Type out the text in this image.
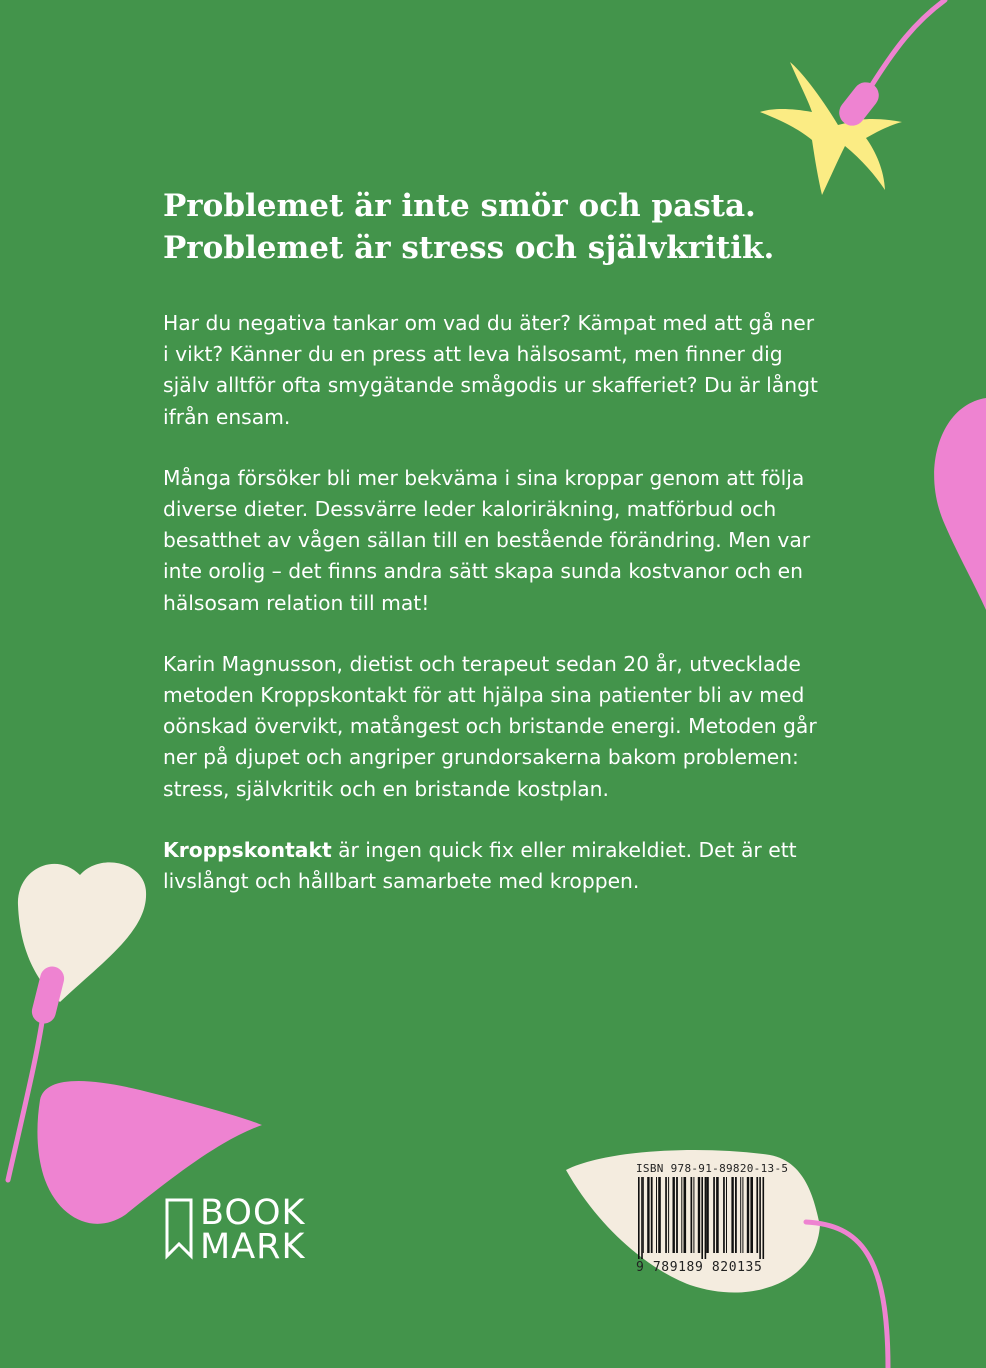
Problemet är inte smör och pasta.
Problemet är stress och självkritik.

Har du negativa tankar om vad du äter? Kämpat med att gå ner i vikt? Känner du en press att leva hälsosamt, men finner dig själv alltför ofta smygätande smågodis ur skafferiet? Du är långt ifrån ensam.

Många försöker bli mer bekväma i sina kroppar genom att följa diverse dieter. Dessvärre leder kaloriräkning, matförbud och besatthet av vågen sällan till en bestående förändring. Men var inte orolig – det finns andra sätt skapa sunda kostvanor och en hälsosam relation till mat!

Karin Magnusson, dietist och terapeut sedan 20 år, utvecklade metoden Kroppskontakt för att hjälpa sina patienter bli av med oönskad övervikt, matångest och bristande energi. Metoden går ner på djupet och angriper grundorsakerna bakom problemen: stress, självkritik och en bristande kostplan.

Kroppskontakt är ingen quick fix eller mirakeldiet. Det är ett livslångt och hållbart samarbete med kroppen.

BOOK
MARK
ISBN 978-91-89820-13-5
9 789189 820135
